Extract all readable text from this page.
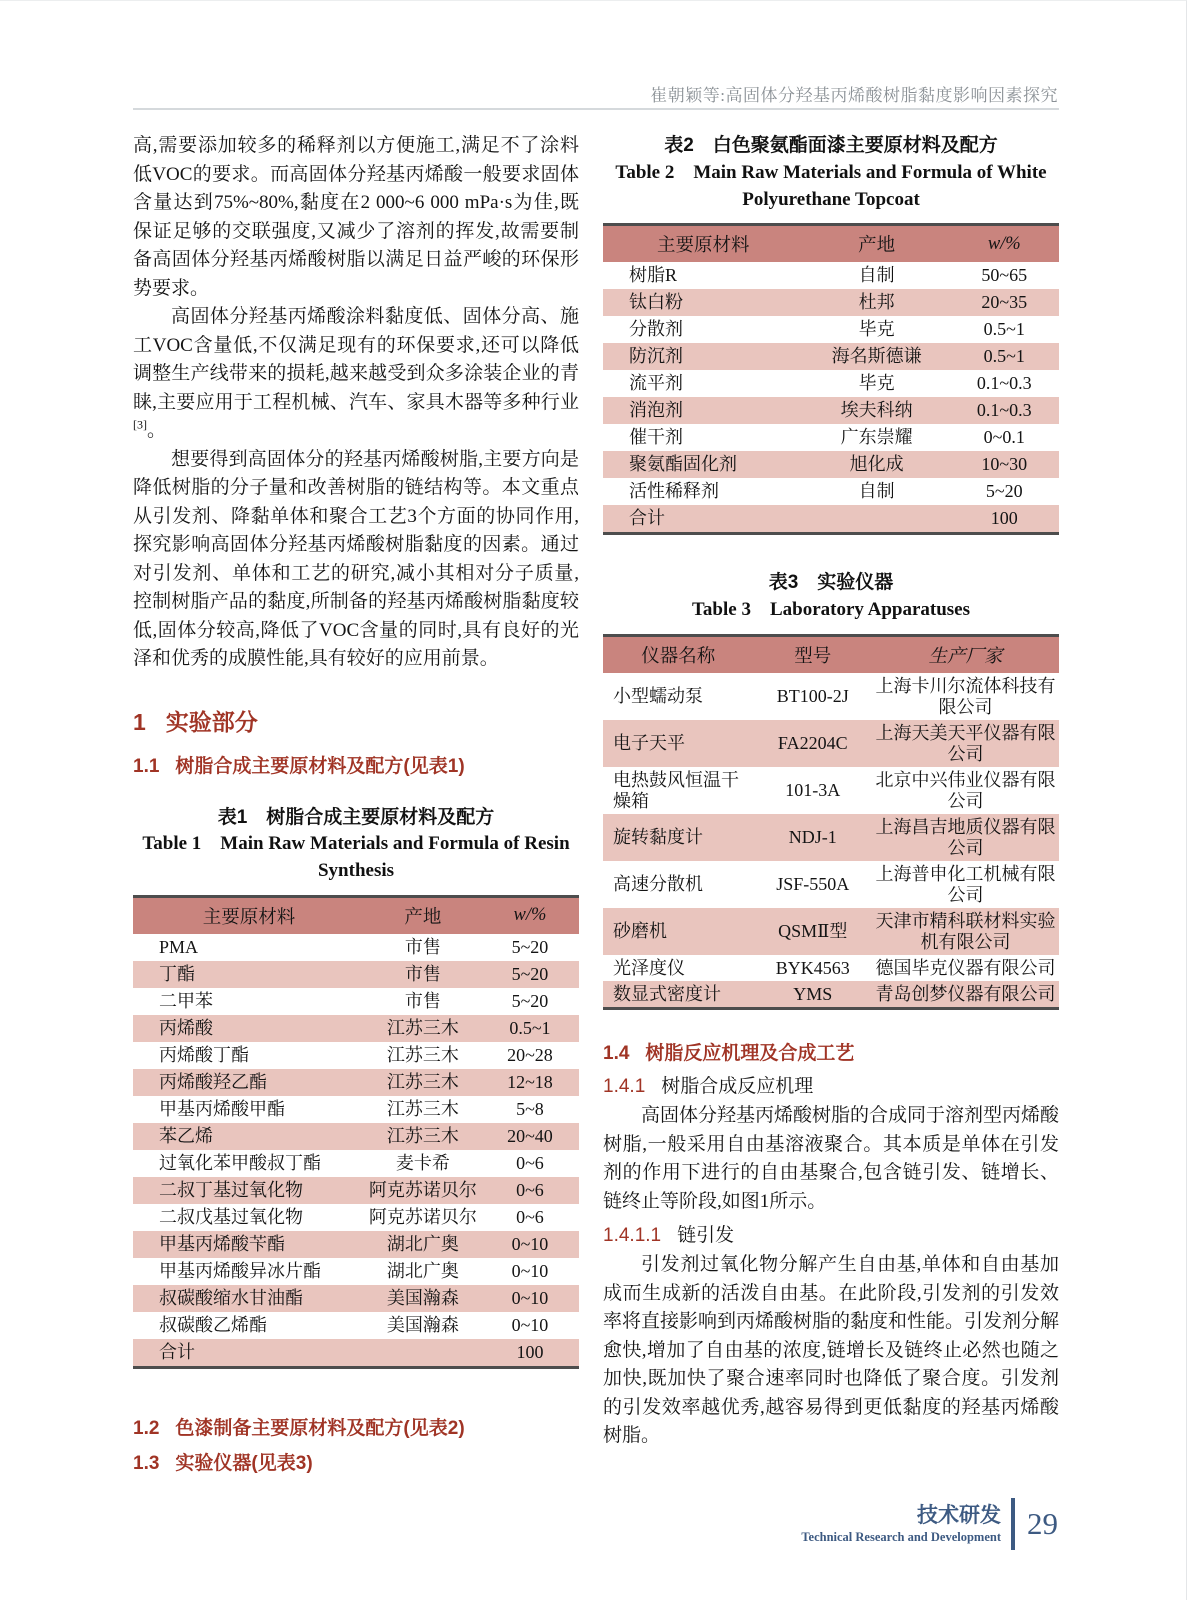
崔朝颖等:高固体分羟基丙烯酸树脂黏度影响因素探究

高,需要添加较多的稀释剂以方便施工,满足不了涂料低VOC的要求。而高固体分羟基丙烯酸一般要求固体含量达到75%~80%,黏度在2 000~6 000 mPa·s为佳,既保证足够的交联强度,又减少了溶剂的挥发,故需要制备高固体分羟基丙烯酸树脂以满足日益严峻的环保形势要求。

高固体分羟基丙烯酸涂料黏度低、固体分高、施工VOC含量低,不仅满足现有的环保要求,还可以降低调整生产线带来的损耗,越来越受到众多涂装企业的青睐,主要应用于工程机械、汽车、家具木器等多种行业[3]。

想要得到高固体分的羟基丙烯酸树脂,主要方向是降低树脂的分子量和改善树脂的链结构等。本文重点从引发剂、降黏单体和聚合工艺3个方面的协同作用,探究影响高固体分羟基丙烯酸树脂黏度的因素。通过对引发剂、单体和工艺的研究,减小其相对分子质量,控制树脂产品的黏度,所制备的羟基丙烯酸树脂黏度较低,固体分较高,降低了VOC含量的同时,具有良好的光泽和优秀的成膜性能,具有较好的应用前景。

1 实验部分
1.1 树脂合成主要原材料及配方(见表1)
表1　树脂合成主要原材料及配方
Table 1　Main Raw Materials and Formula of Resin Synthesis
主要原材料	产地	w/%
PMA	市售	5~20
丁酯	市售	5~20
二甲苯	市售	5~20
丙烯酸	江苏三木	0.5~1
丙烯酸丁酯	江苏三木	20~28
丙烯酸羟乙酯	江苏三木	12~18
甲基丙烯酸甲酯	江苏三木	5~8
苯乙烯	江苏三木	20~40
过氧化苯甲酸叔丁酯	麦卡希	0~6
二叔丁基过氧化物	阿克苏诺贝尔	0~6
二叔戊基过氧化物	阿克苏诺贝尔	0~6
甲基丙烯酸苄酯	湖北广奥	0~10
甲基丙烯酸异冰片酯	湖北广奥	0~10
叔碳酸缩水甘油酯	美国瀚森	0~10
叔碳酸乙烯酯	美国瀚森	0~10
合计		100
1.2 色漆制备主要原材料及配方(见表2)
1.3 实验仪器(见表3)
表2　白色聚氨酯面漆主要原材料及配方
Table 2　Main Raw Materials and Formula of White Polyurethane Topcoat
主要原材料	产地	w/%
树脂R	自制	50~65
钛白粉	杜邦	20~35
分散剂	毕克	0.5~1
防沉剂	海名斯德谦	0.5~1
流平剂	毕克	0.1~0.3
消泡剂	埃夫科纳	0.1~0.3
催干剂	广东崇耀	0~0.1
聚氨酯固化剂	旭化成	10~30
活性稀释剂	自制	5~20
合计		100
表3　实验仪器
Table 3　Laboratory Apparatuses
仪器名称	型号	生产厂家
小型蠕动泵	BT100-2J	上海卡川尔流体科技有限公司
电子天平	FA2204C	上海天美天平仪器有限公司
电热鼓风恒温干燥箱	101-3A	北京中兴伟业仪器有限公司
旋转黏度计	NDJ-1	上海昌吉地质仪器有限公司
高速分散机	JSF-550A	上海普申化工机械有限公司
砂磨机	QSMⅡ型	天津市精科联材料实验机有限公司
光泽度仪	BYK4563	德国毕克仪器有限公司
数显式密度计	YMS	青岛创梦仪器有限公司
1.4 树脂反应机理及合成工艺
1.4.1 树脂合成反应机理

高固体分羟基丙烯酸树脂的合成同于溶剂型丙烯酸树脂,一般采用自由基溶液聚合。其本质是单体在引发剂的作用下进行的自由基聚合,包含链引发、链增长、链终止等阶段,如图1所示。

1.4.1.1 链引发

引发剂过氧化物分解产生自由基,单体和自由基加成而生成新的活泼自由基。在此阶段,引发剂的引发效率将直接影响到丙烯酸树脂的黏度和性能。引发剂分解愈快,增加了自由基的浓度,链增长及链终止必然也随之加快,既加快了聚合速率同时也降低了聚合度。引发剂的引发效率越优秀,越容易得到更低黏度的羟基丙烯酸树脂。

技术研发
Technical Research and Development 29
